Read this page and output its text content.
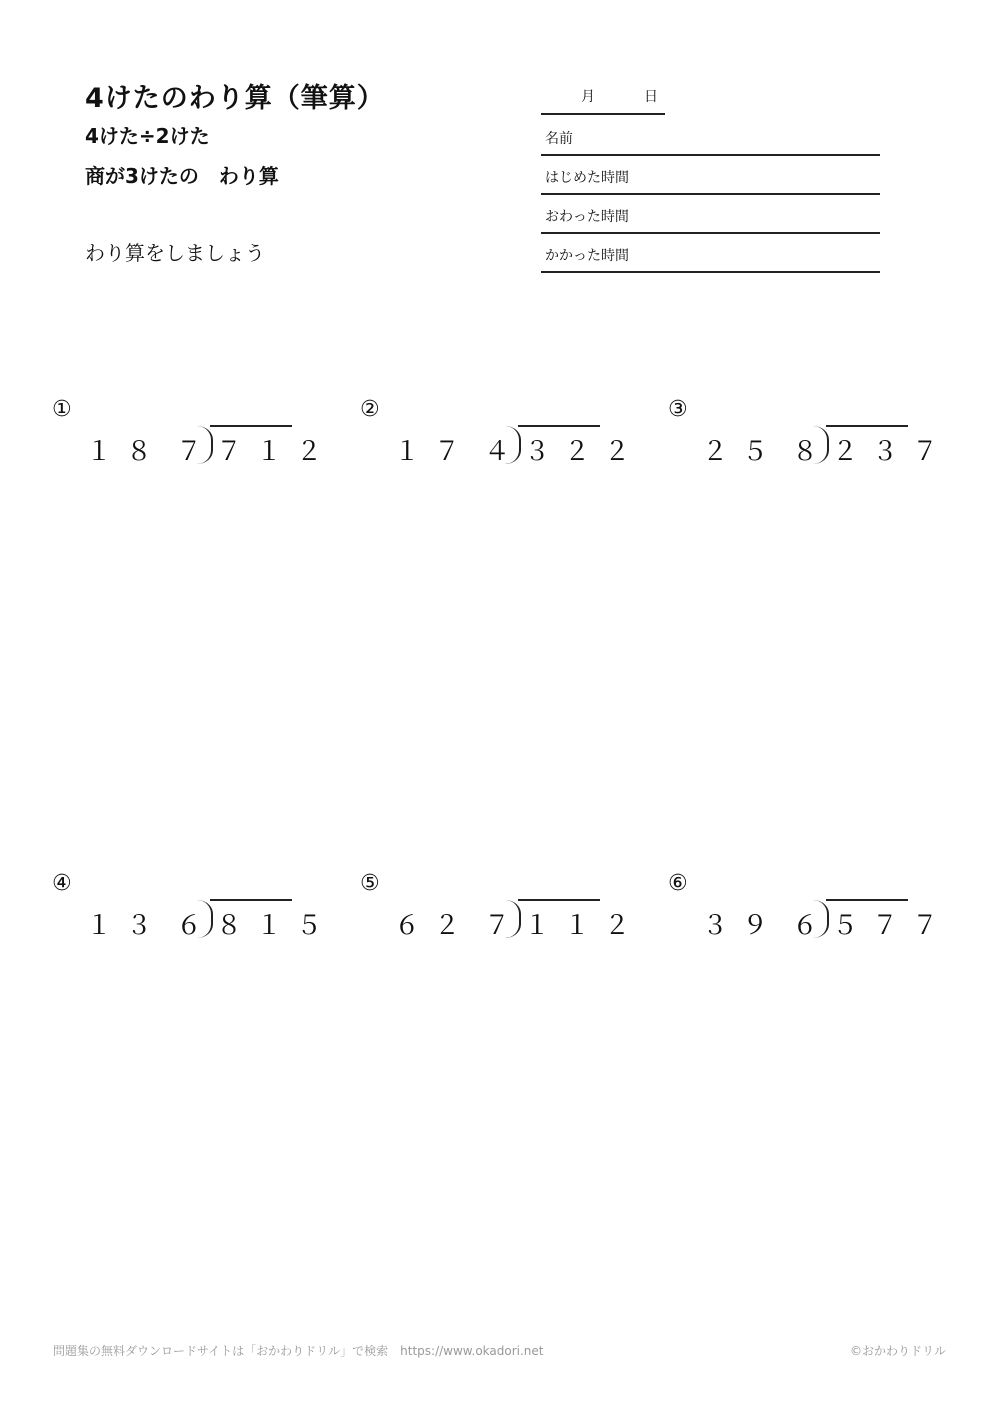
4けたのわり算（筆算）
4けた÷2けた
商が3けたの　わり算
わり算をしましょう
月	日
名前
はじめた時間
おわった時間
かかった時間
①
１８ ７７１２
②
１７ ４３２２
③
２５ ８２３７
④
１３ ６８１５
⑤
６２ ７１１２
⑥
３９ ６５７７
問題集の無料ダウンロードサイトは「おかわりドリル」で検索　https://www.okadori.net	©おかわりドリル
